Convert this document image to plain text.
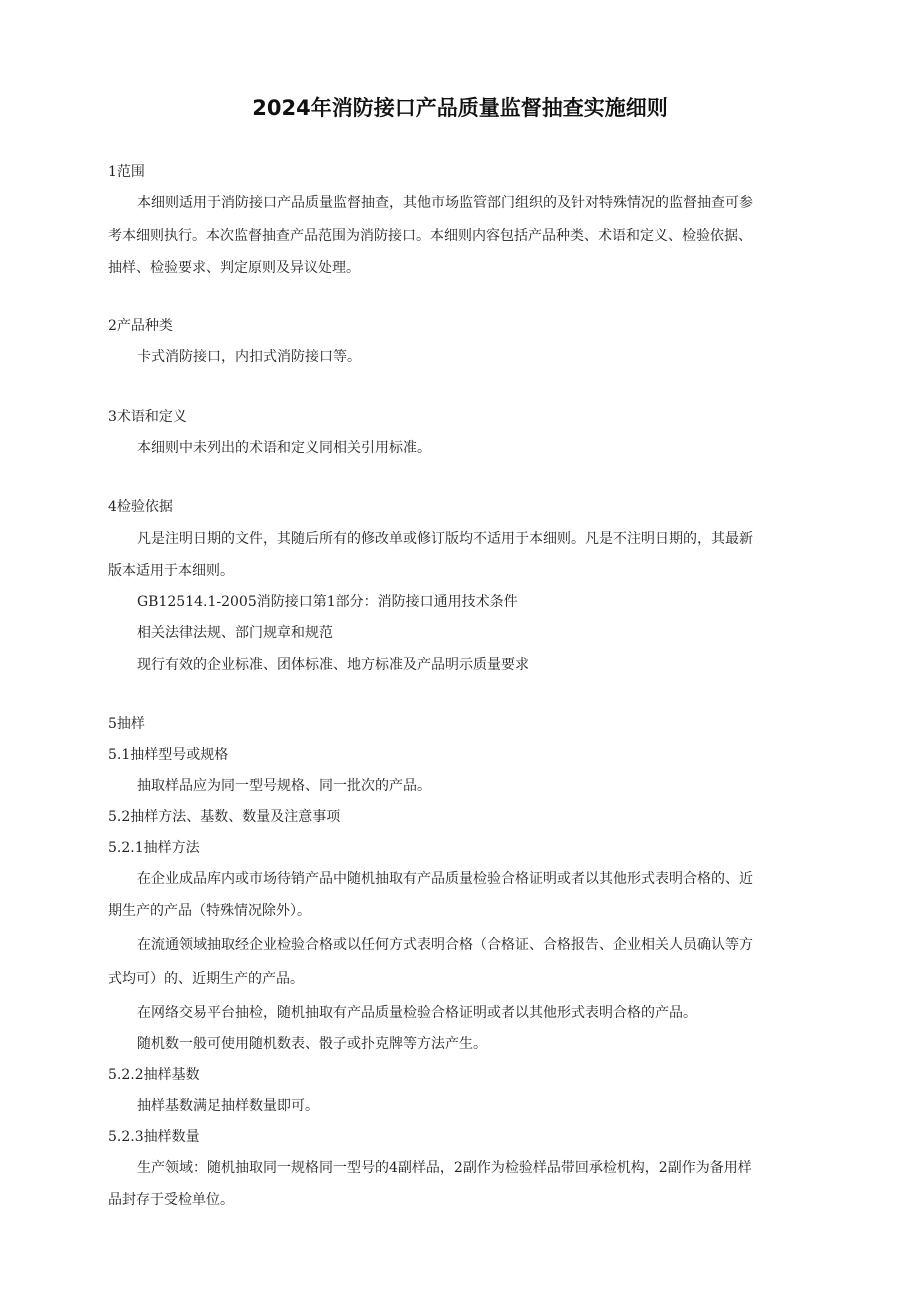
2024年消防接口产品质量监督抽查实施细则
1范围
本细则适用于消防接口产品质量监督抽查，其他市场监管部门组织的及针对特殊情况的监督抽查可参
考本细则执行。本次监督抽查产品范围为消防接口。本细则内容包括产品种类、术语和定义、检验依据、
抽样、检验要求、判定原则及异议处理。
2产品种类
卡式消防接口，内扣式消防接口等。
3术语和定义
本细则中未列出的术语和定义同相关引用标准。
4检验依据
凡是注明日期的文件，其随后所有的修改单或修订版均不适用于本细则。凡是不注明日期的，其最新
版本适用于本细则。
GB12514.1-2005消防接口第1部分：消防接口通用技术条件
相关法律法规、部门规章和规范
现行有效的企业标准、团体标准、地方标准及产品明示质量要求
5抽样
5.1抽样型号或规格
抽取样品应为同一型号规格、同一批次的产品。
5.2抽样方法、基数、数量及注意事项
5.2.1抽样方法
在企业成品库内或市场待销产品中随机抽取有产品质量检验合格证明或者以其他形式表明合格的、近
期生产的产品（特殊情况除外）。
在流通领域抽取经企业检验合格或以任何方式表明合格（合格证、合格报告、企业相关人员确认等方
式均可）的、近期生产的产品。
在网络交易平台抽检，随机抽取有产品质量检验合格证明或者以其他形式表明合格的产品。
随机数一般可使用随机数表、骰子或扑克牌等方法产生。
5.2.2抽样基数
抽样基数满足抽样数量即可。
5.2.3抽样数量
生产领域：随机抽取同一规格同一型号的4副样品，2副作为检验样品带回承检机构，2副作为备用样
品封存于受检单位。
